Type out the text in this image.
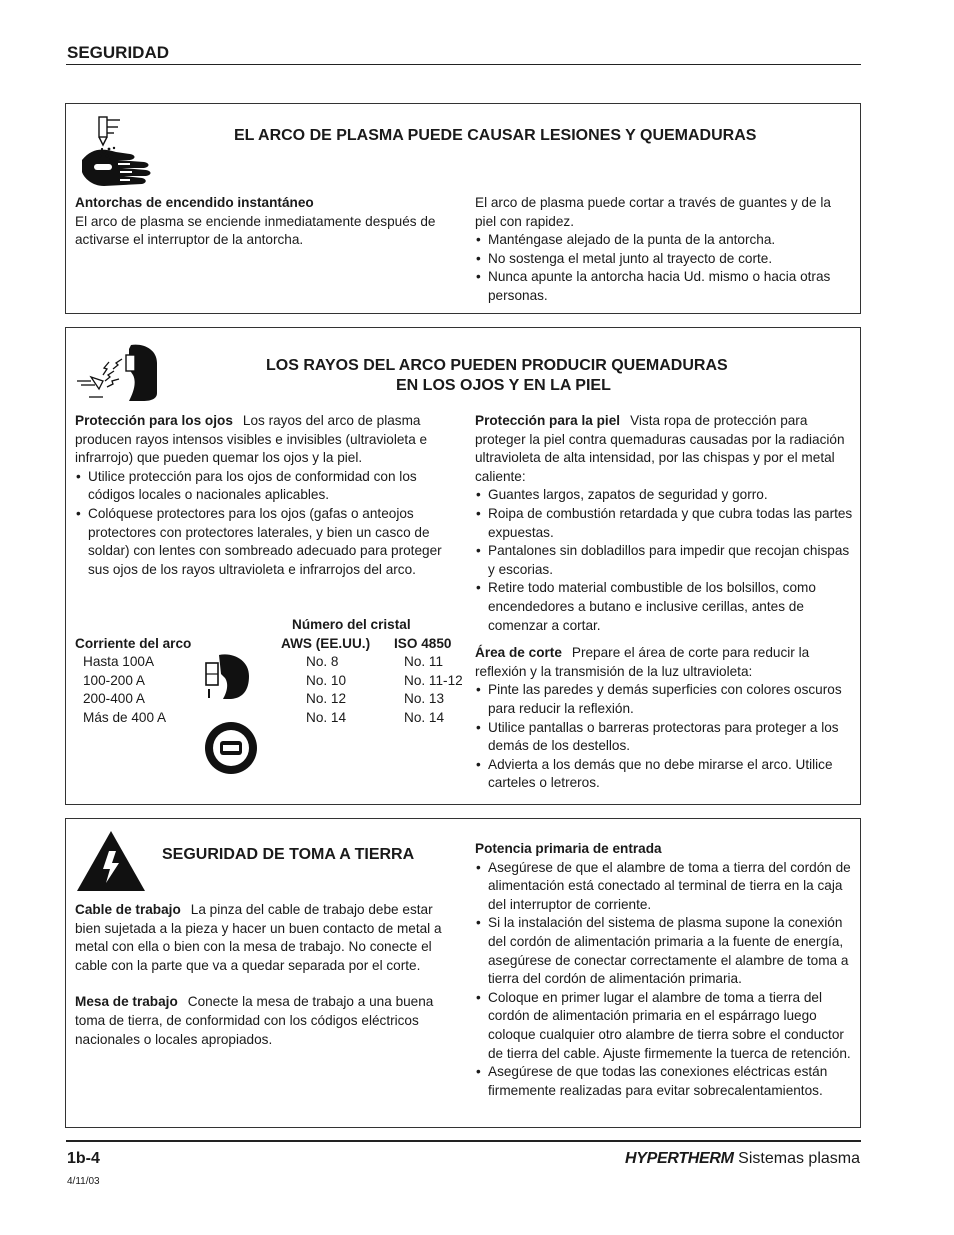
SEGURIDAD
EL ARCO DE PLASMA PUEDE CAUSAR LESIONES Y QUEMADURAS

Antorchas de encendido instantáneo

El arco de plasma se enciende inmediatamente después de activarse el interruptor de la antorcha.

El arco de plasma puede cortar a través de guantes y de la piel con rapidez.

• Manténgase alejado de la punta de la antorcha.
• No sostenga el metal junto al trayecto de corte.
• Nunca apunte la antorcha hacia Ud. mismo o hacia otras personas.
LOS RAYOS DEL ARCO PUEDEN PRODUCIR QUEMADURAS
EN LOS OJOS Y EN LA PIEL

Protección para los ojos Los rayos del arco de plasma producen rayos intensos visibles e invisibles (ultravioleta e infrarrojo) que pueden quemar los ojos y la piel.

• Utilice protección para los ojos de conformidad con los códigos locales o nacionales aplicables.
• Colóquese protectores para los ojos (gafas o anteojos protectores con protectores laterales, y bien un casco de soldar) con lentes con sombreado adecuado para proteger sus ojos de los rayos ultravioleta e infrarrojos del arco.
	Número del cristal	
Corriente del arco	AWS (EE.UU.)	ISO 4850
Hasta 100A	No. 8	No. 11
100-200 A	No. 10	No. 11-12
200-400 A	No. 12	No. 13
Más de 400 A	No. 14	No. 14

Protección para la piel Vista ropa de protección para proteger la piel contra quemaduras causadas por la radiación ultravioleta de alta intensidad, por las chispas y por el metal caliente:

• Guantes largos, zapatos de seguridad y gorro.
• Roipa de combustión retardada y que cubra todas las partes expuestas.
• Pantalones sin dobladillos para impedir que recojan chispas y escorias.
• Retire todo material combustible de los bolsillos, como encendedores a butano e inclusive cerillas, antes de comenzar a cortar.

Área de corte Prepare el área de corte para reducir la reflexión y la transmisión de la luz ultravioleta:

• Pinte las paredes y demás superficies con colores oscuros para reducir la reflexión.
• Utilice pantallas o barreras protectoras para proteger a los demás de los destellos.
• Advierta a los demás que no debe mirarse el arco. Utilice carteles o letreros.
SEGURIDAD DE TOMA A TIERRA

Cable de trabajo La pinza del cable de trabajo debe estar bien sujetada a la pieza y hacer un buen contacto de metal a metal con ella o bien con la mesa de trabajo. No conecte el cable con la parte que va a quedar separada por el corte.

Mesa de trabajo Conecte la mesa de trabajo a una buena toma de tierra, de conformidad con los códigos eléctricos nacionales o locales apropiados.

Potencia primaria de entrada

• Asegúrese de que el alambre de toma a tierra del cordón de alimentación está conectado al terminal de tierra en la caja del interruptor de corriente.
• Si la instalación del sistema de plasma supone la conexión del cordón de alimentación primaria a la fuente de energía, asegúrese de conectar correctamente el alambre de toma a tierra del cordón de alimentación primaria.
• Coloque en primer lugar el alambre de toma a tierra del cordón de alimentación primaria en el espárrago luego coloque cualquier otro alambre de tierra sobre el conductor de tierra del cable. Ajuste firmemente la tuerca de retención.
• Asegúrese de que todas las conexiones eléctricas están firmemente realizadas para evitar sobrecalentamientos.
1b-4
4/11/03
HYPERTHERM Sistemas plasma
